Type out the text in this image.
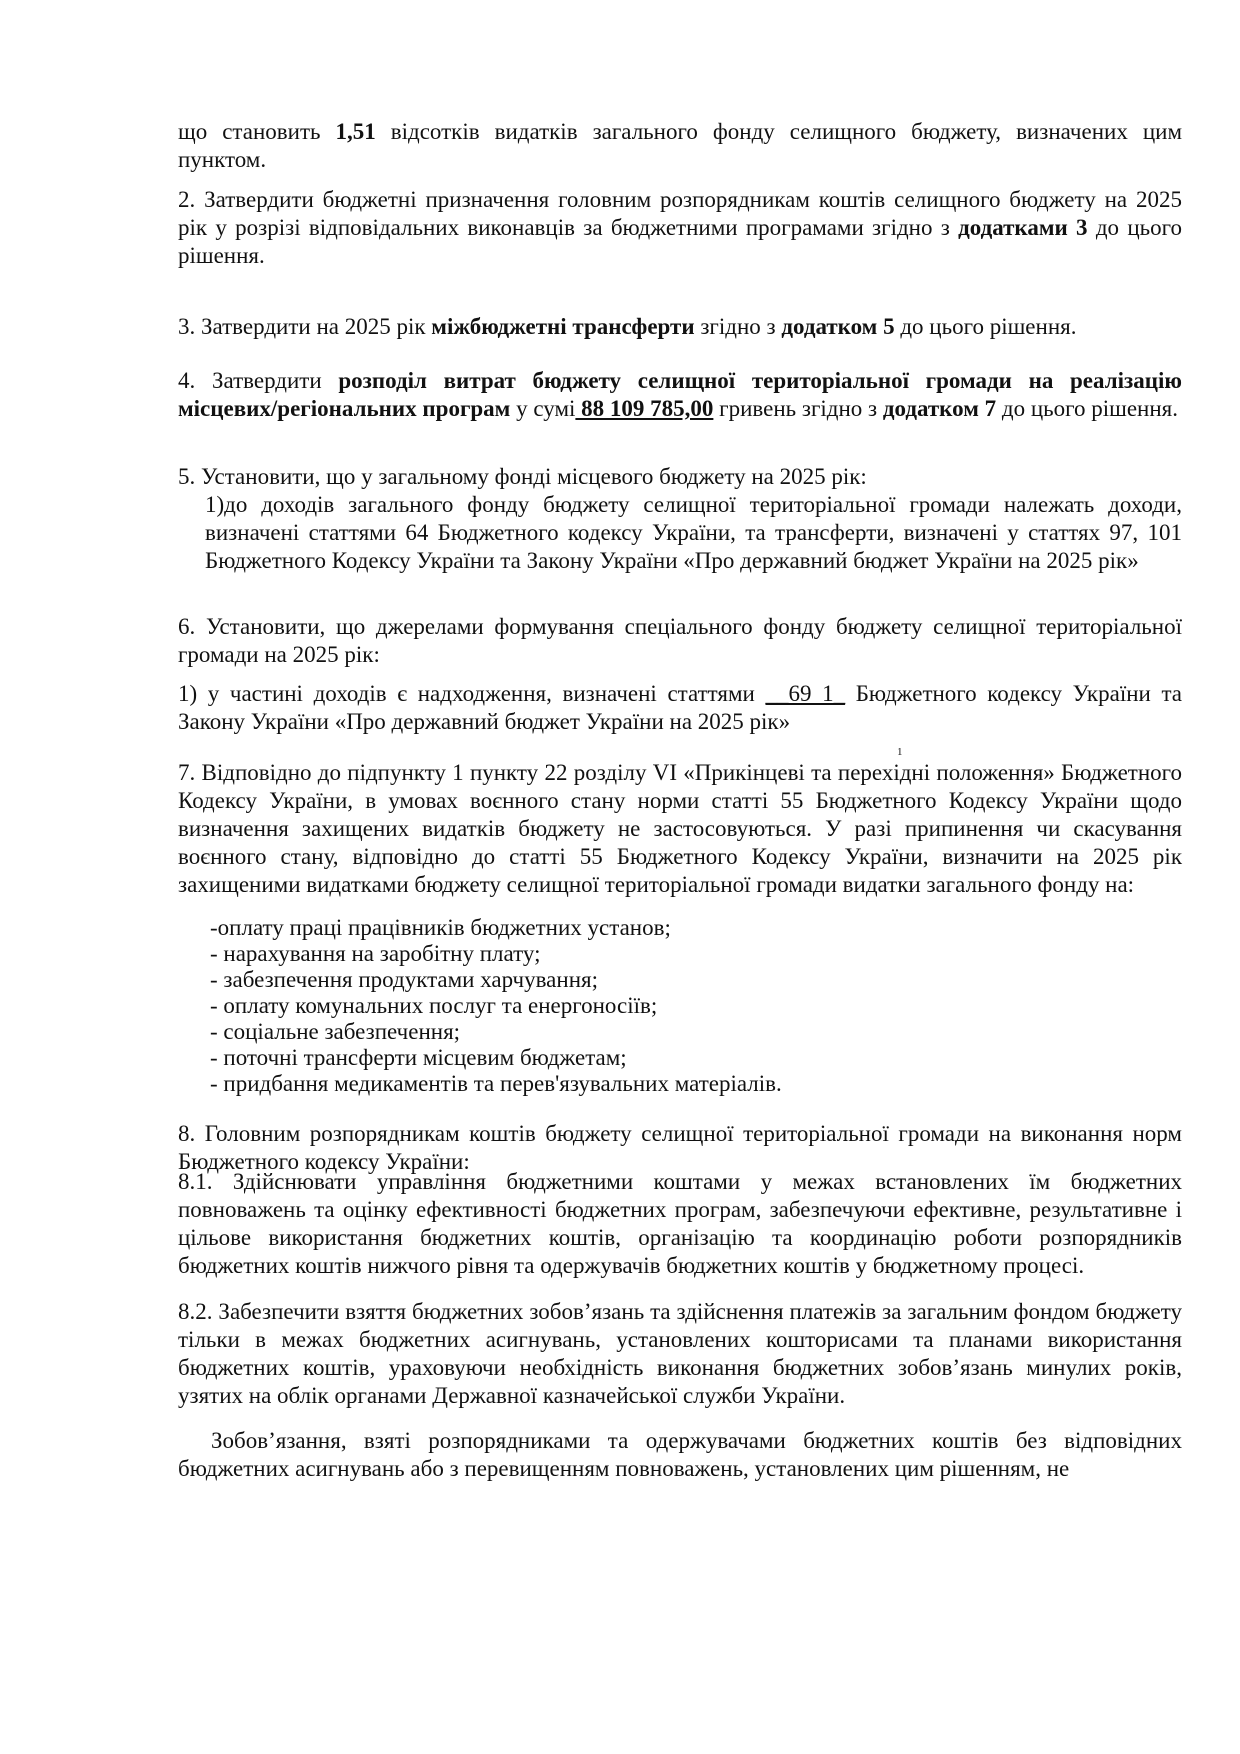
що становить 1,51 відсотків видатків загального фонду селищного бюджету, визначених цим пунктом.

2. Затвердити бюджетні призначення головним розпорядникам коштів селищного бюджету на 2025 рік у розрізі відповідальних виконавців за бюджетними програмами згідно з додатками 3 до цього рішення.

3. Затвердити на 2025 рік міжбюджетні трансферти згідно з додатком 5 до цього рішення.

4. Затвердити розподіл витрат бюджету селищної територіальної громади на реалізацію місцевих/регіональних програм у сумі 88 109 785,00 гривень згідно з додатком 7 до цього рішення.

5. Установити, що у загальному фонді місцевого бюджету на 2025 рік:

1)до доходів загального фонду бюджету селищної територіальної громади належать доходи, визначені статтями 64 Бюджетного кодексу України, та трансферти, визначені у статтях 97, 101 Бюджетного Кодексу України та Закону України «Про державний бюджет України на 2025 рік»

6. Установити, що джерелами формування спеціального фонду бюджету селищної територіальної громади на 2025 рік:

1

1) у частині доходів є надходження, визначені статтями __69 1_ Бюджетного кодексу України та Закону України «Про державний бюджет України на 2025 рік»

7. Відповідно до підпункту 1 пункту 22 розділу VI «Прикінцеві та перехідні положення» Бюджетного Кодексу України, в умовах воєнного стану норми статті 55 Бюджетного Кодексу України щодо визначення захищених видатків бюджету не застосовуються. У разі припинення чи скасування воєнного стану, відповідно до статті 55 Бюджетного Кодексу України, визначити на 2025 рік захищеними видатками бюджету селищної територіальної громади видатки загального фонду на:

-оплату праці працівників бюджетних установ;

- нарахування на заробітну плату;

- забезпечення продуктами харчування;

- оплату комунальних послуг та енергоносіїв;

- соціальне забезпечення;

- поточні трансферти місцевим бюджетам;

- придбання медикаментів та перев'язувальних матеріалів.

8. Головним розпорядникам коштів бюджету селищної територіальної громади на виконання норм Бюджетного кодексу України:

8.1. Здійснювати управління бюджетними коштами у межах встановлених їм бюджетних повноважень та оцінку ефективності бюджетних програм, забезпечуючи ефективне, результативне і цільове використання бюджетних коштів, організацію та координацію роботи розпорядників бюджетних коштів нижчого рівня та одержувачів бюджетних коштів у бюджетному процесі.

8.2. Забезпечити взяття бюджетних зобов’язань та здійснення платежів за загальним фондом бюджету тільки в межах бюджетних асигнувань, установлених кошторисами та планами використання бюджетних коштів, ураховуючи необхідність виконання бюджетних зобов’язань минулих років, узятих на облік органами Державної казначейської служби України.

Зобов’язання, взяті розпорядниками та одержувачами бюджетних коштів без відповідних бюджетних асигнувань або з перевищенням повноважень, установлених цим рішенням, не
